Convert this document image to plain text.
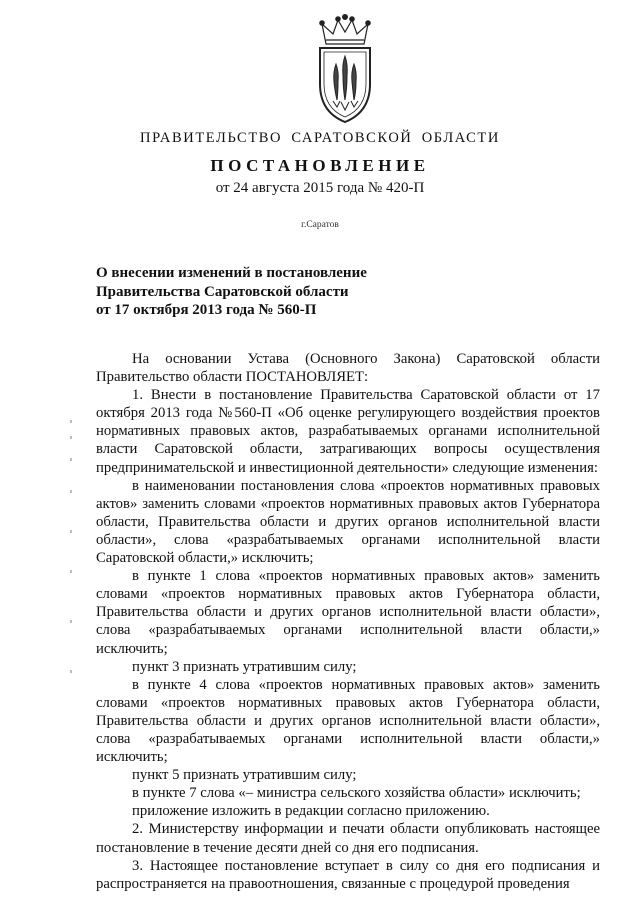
ПРАВИТЕЛЬСТВО САРАТОВСКОЙ ОБЛАСТИ
ПОСТАНОВЛЕНИЕ
от 24 августа 2015 года № 420-П
г.Саратов
О внесении изменений в постановление
Правительства Саратовской области
от 17 октября 2013 года № 560-П

На основании Устава (Основного Закона) Саратовской области Правительство области ПОСТАНОВЛЯЕТ:

1. Внести в постановление Правительства Саратовской области от 17 октября 2013 года №560-П «Об оценке регулирующего воздействия проектов нормативных правовых актов, разрабатываемых органами исполнительной власти Саратовской области, затрагивающих вопросы осуществления предпринимательской и инвестиционной деятельности» следующие изменения:

в наименовании постановления слова «проектов нормативных правовых актов» заменить словами «проектов нормативных правовых актов Губернатора области, Правительства области и других органов исполнительной власти области», слова «разрабатываемых органами исполнительной власти Саратовской области,» исключить;

в пункте 1 слова «проектов нормативных правовых актов» заменить словами «проектов нормативных правовых актов Губернатора области, Правительства области и других органов исполнительной власти области», слова «разрабатываемых органами исполнительной власти области,» исключить;

пункт 3 признать утратившим силу;

в пункте 4 слова «проектов нормативных правовых актов» заменить словами «проектов нормативных правовых актов Губернатора области, Правительства области и других органов исполнительной власти области», слова «разрабатываемых органами исполнительной власти области,» исключить;

пункт 5 признать утратившим силу;

в пункте 7 слова «– министра сельского хозяйства области» исключить;

приложение изложить в редакции согласно приложению.

2. Министерству информации и печати области опубликовать настоящее постановление в течение десяти дней со дня его подписания.

3. Настоящее постановление вступает в силу со дня его подписания и распространяется на правоотношения, связанные с процедурой проведения
